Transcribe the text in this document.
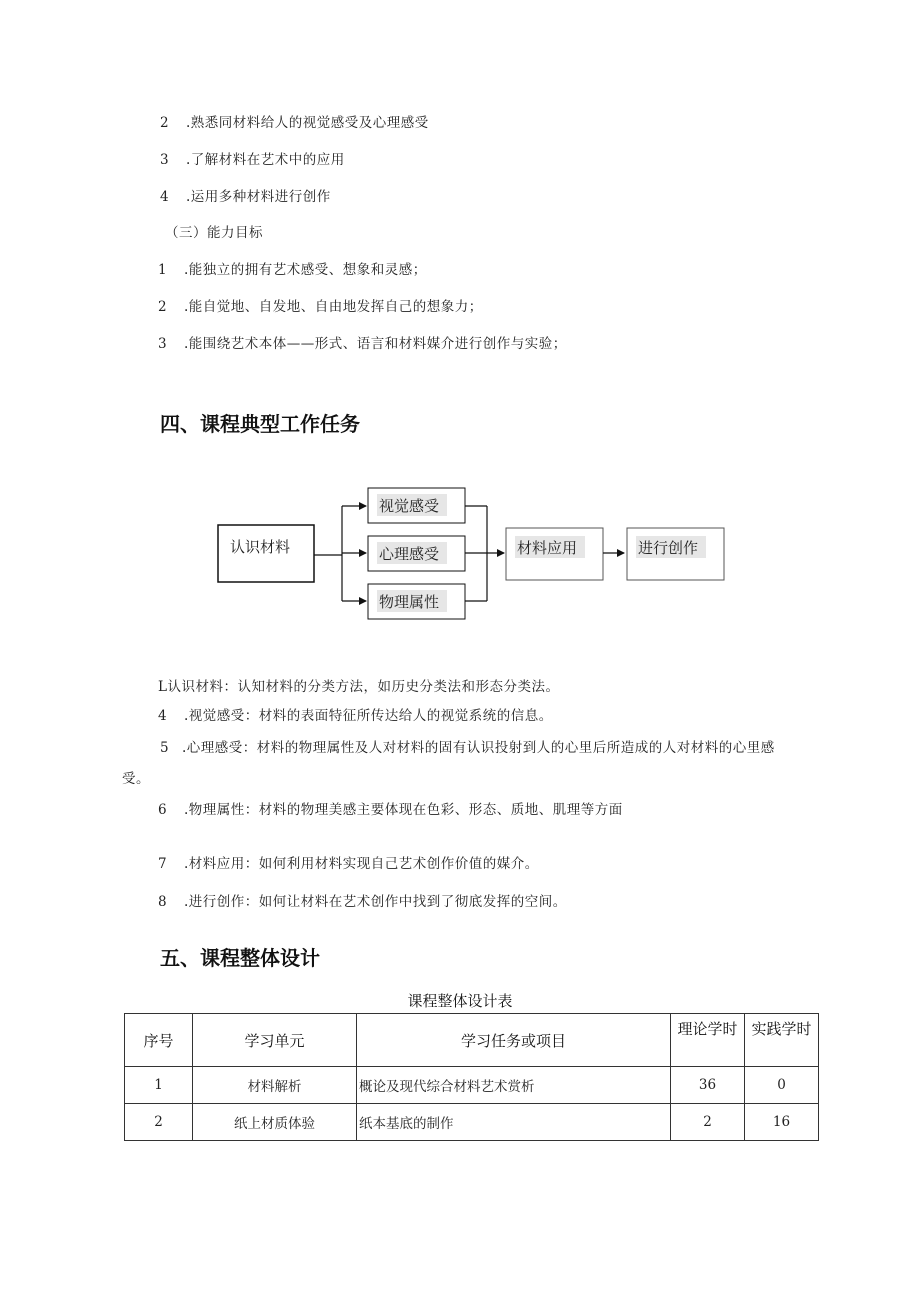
2 .熟悉同材料给人的视觉感受及心理感受
3 .了解材料在艺术中的应用
4 .运用多种材料进行创作
（三）能力目标
1 .能独立的拥有艺术感受、想象和灵感；
2 .能自觉地、自发地、自由地发挥自己的想象力；
3 .能围绕艺术本体——形式、语言和材料媒介进行创作与实验；
四、课程典型工作任务
认识材料
视觉感受
心理感受
物理属性
材料应用	进行创作
L认识材料：认知材料的分类方法，如历史分类法和形态分类法。
4 .视觉感受：材料的表面特征所传达给人的视觉系统的信息。
5 .心理感受：材料的物理属性及人对材料的固有认识投射到人的心里后所造成的人对材料的心里感
受。
6 .物理属性：材料的物理美感主要体现在色彩、形态、质地、肌理等方面
7 .材料应用：如何利用材料实现自己艺术创作价值的媒介。
8 .进行创作：如何让材料在艺术创作中找到了彻底发挥的空间。
五、课程整体设计
课程整体设计表
序号	学习单元	学习任务或项目	理论学时	实践学时
1	材料解析	概论及现代综合材料艺术赏析	36	0
2	纸上材质体验	纸本基底的制作	2	16
